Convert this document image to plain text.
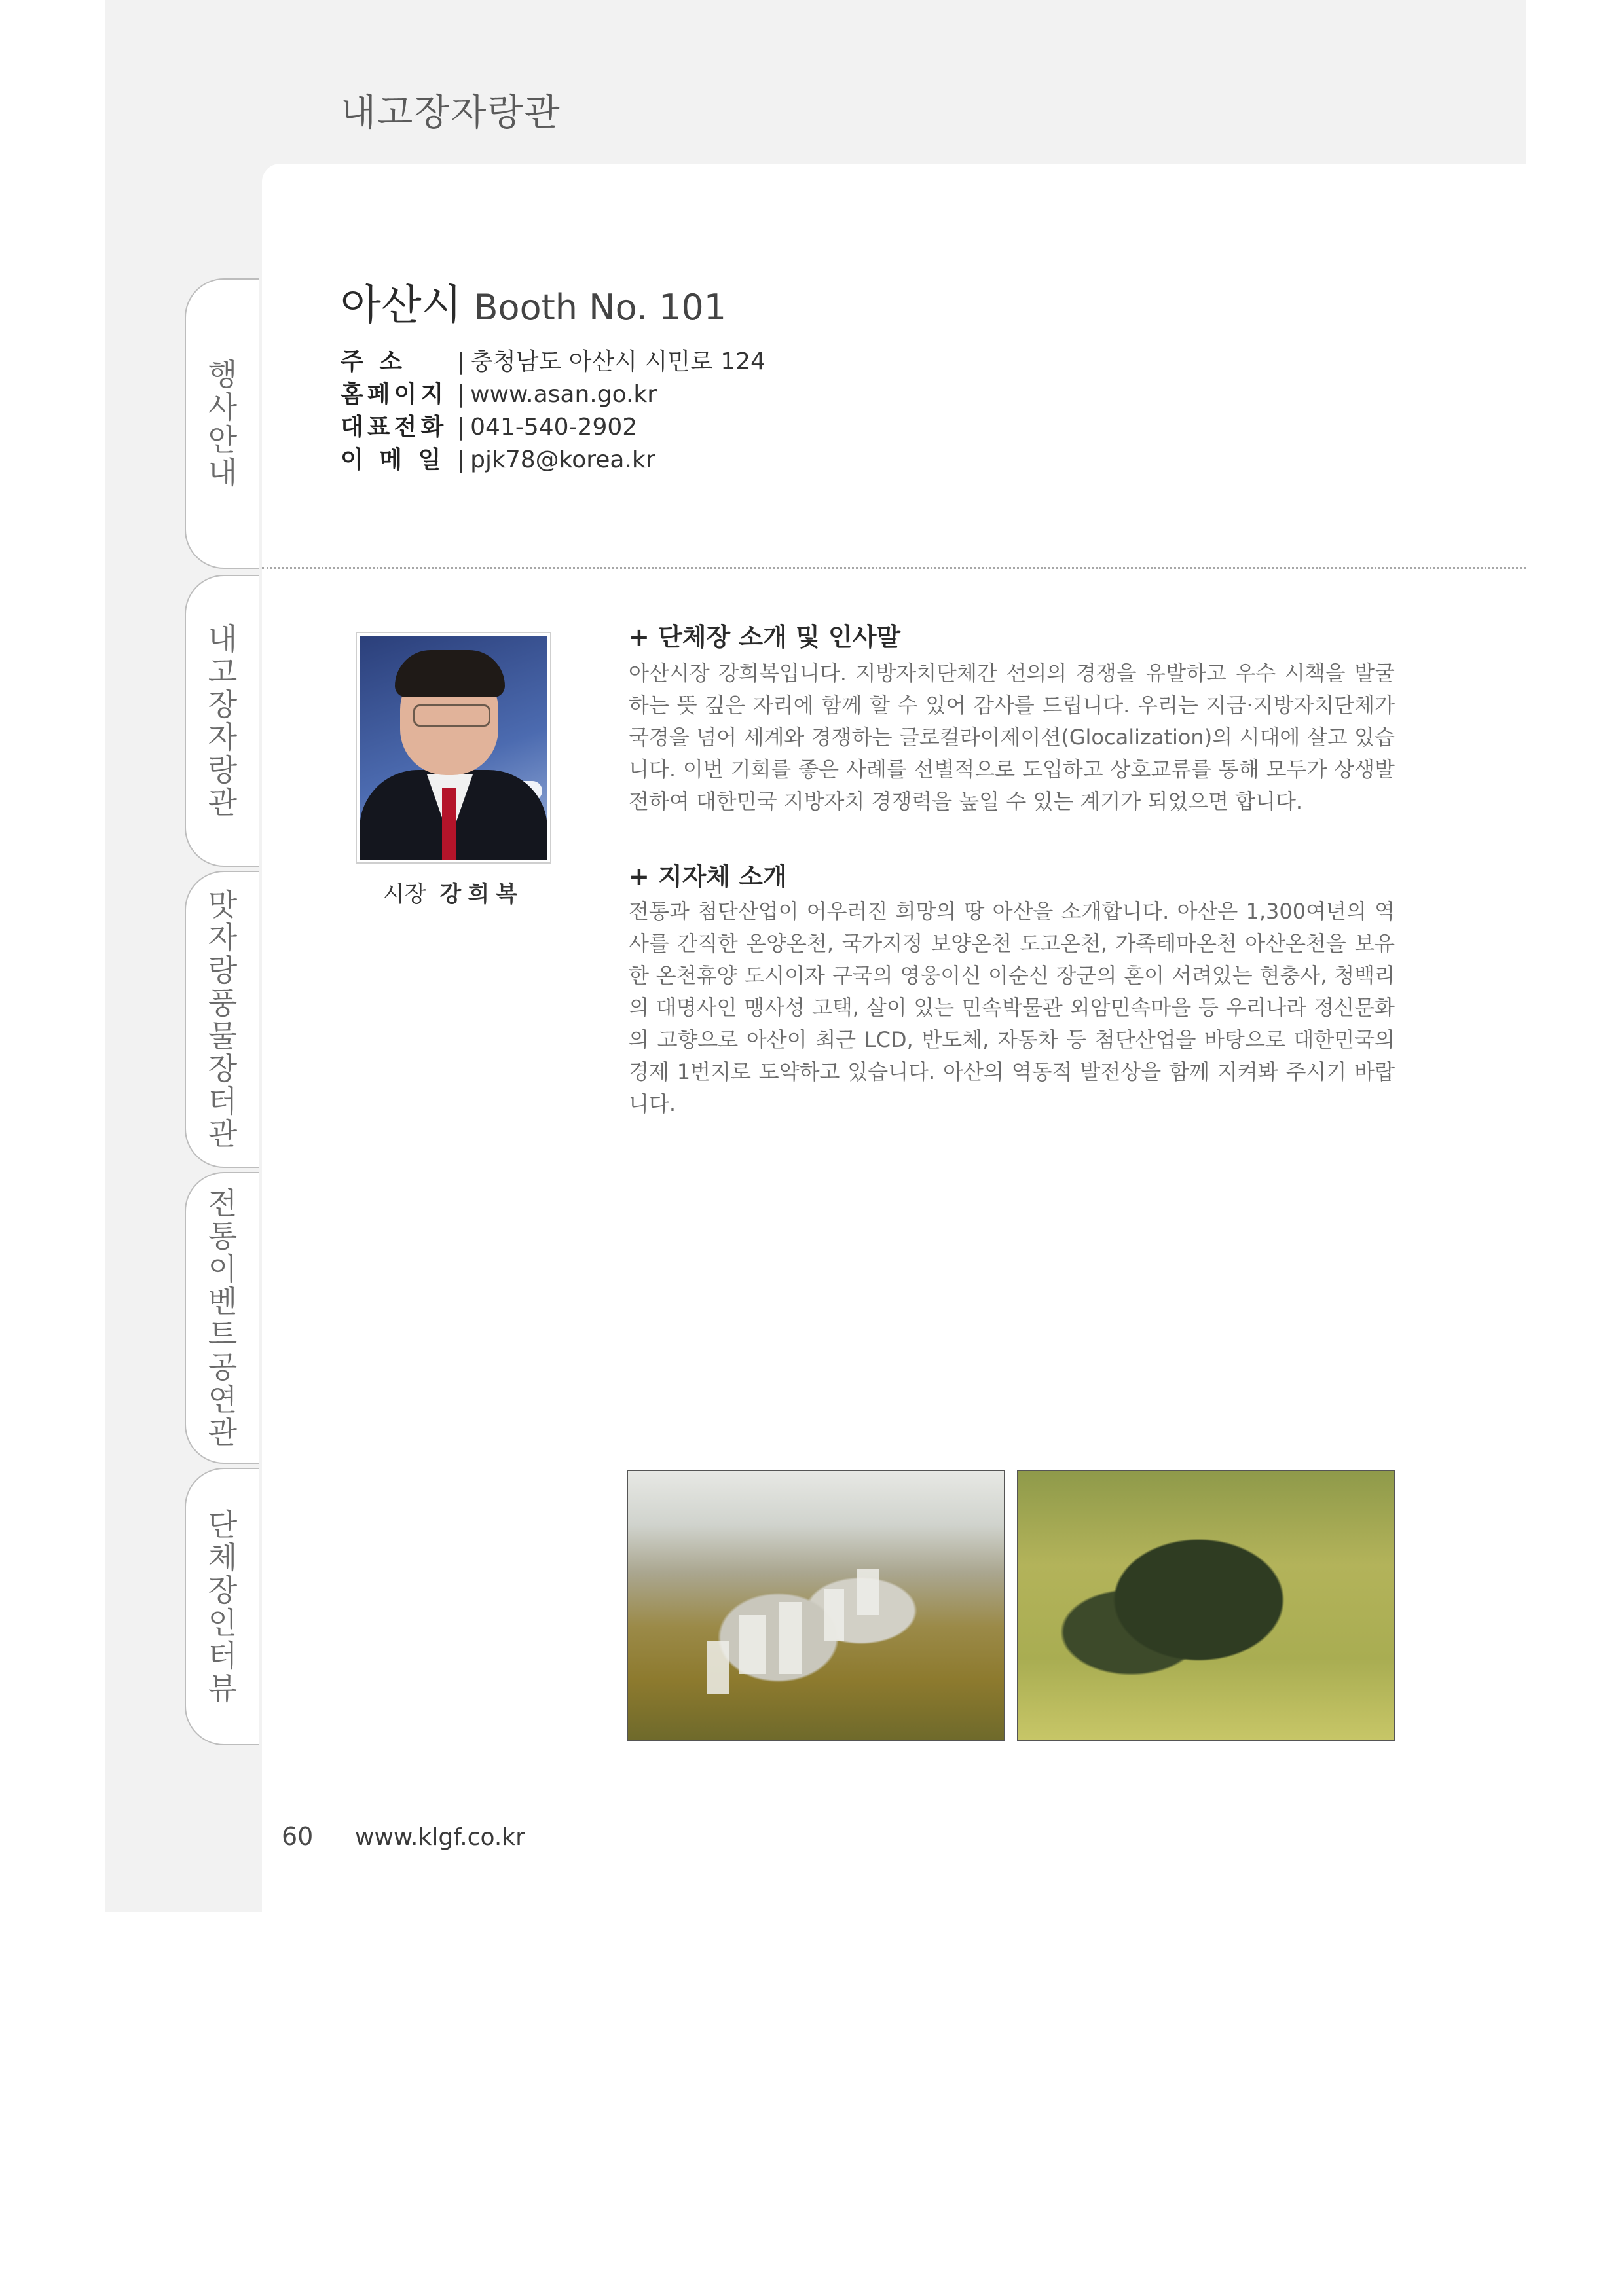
내고장자랑관
행
사
안
내
내
고
장
자
랑
관
맛
자
랑
풍
물
장
터
관
전
통
이
벤
트
공
연
관
단
체
장
인
터
뷰
아산시 Booth No. 101
주 소	| 충청남도 아산시 시민로 124
홈페이지 | www.asan.go.kr
대표전화 | 041-540-2902
이 메 일 | pjk78@korea.kr
시장 강희복
+ 단체장 소개 및 인사말
아산시장 강희복입니다. 지방자치단체간 선의의 경쟁을 유발하고 우수 시책을 발굴하는 뜻 깊은 자리에 함께 할 수 있어 감사를 드립니다. 우리는 지금·지방자치단체가 국경을 넘어 세계와 경쟁하는 글로컬라이제이션(Glocalization)의 시대에 살고 있습니다. 이번 기회를 좋은 사례를 선별적으로 도입하고 상호교류를 통해 모두가 상생발전하여 대한민국 지방자치 경쟁력을 높일 수 있는 계기가 되었으면 합니다.
+ 지자체 소개
전통과 첨단산업이 어우러진 희망의 땅 아산을 소개합니다. 아산은 1,300여년의 역사를 간직한 온양온천, 국가지정 보양온천 도고온천, 가족테마온천 아산온천을 보유한 온천휴양 도시이자 구국의 영웅이신 이순신 장군의 혼이 서려있는 현충사, 청백리의 대명사인 맹사성 고택, 살이 있는 민속박물관 외암민속마을 등 우리나라 정신문화의 고향으로 아산이 최근 LCD, 반도체, 자동차 등 첨단산업을 바탕으로 대한민국의 경제 1번지로 도약하고 있습니다. 아산의 역동적 발전상을 함께 지켜봐 주시기 바랍니다.
60 www.klgf.co.kr
